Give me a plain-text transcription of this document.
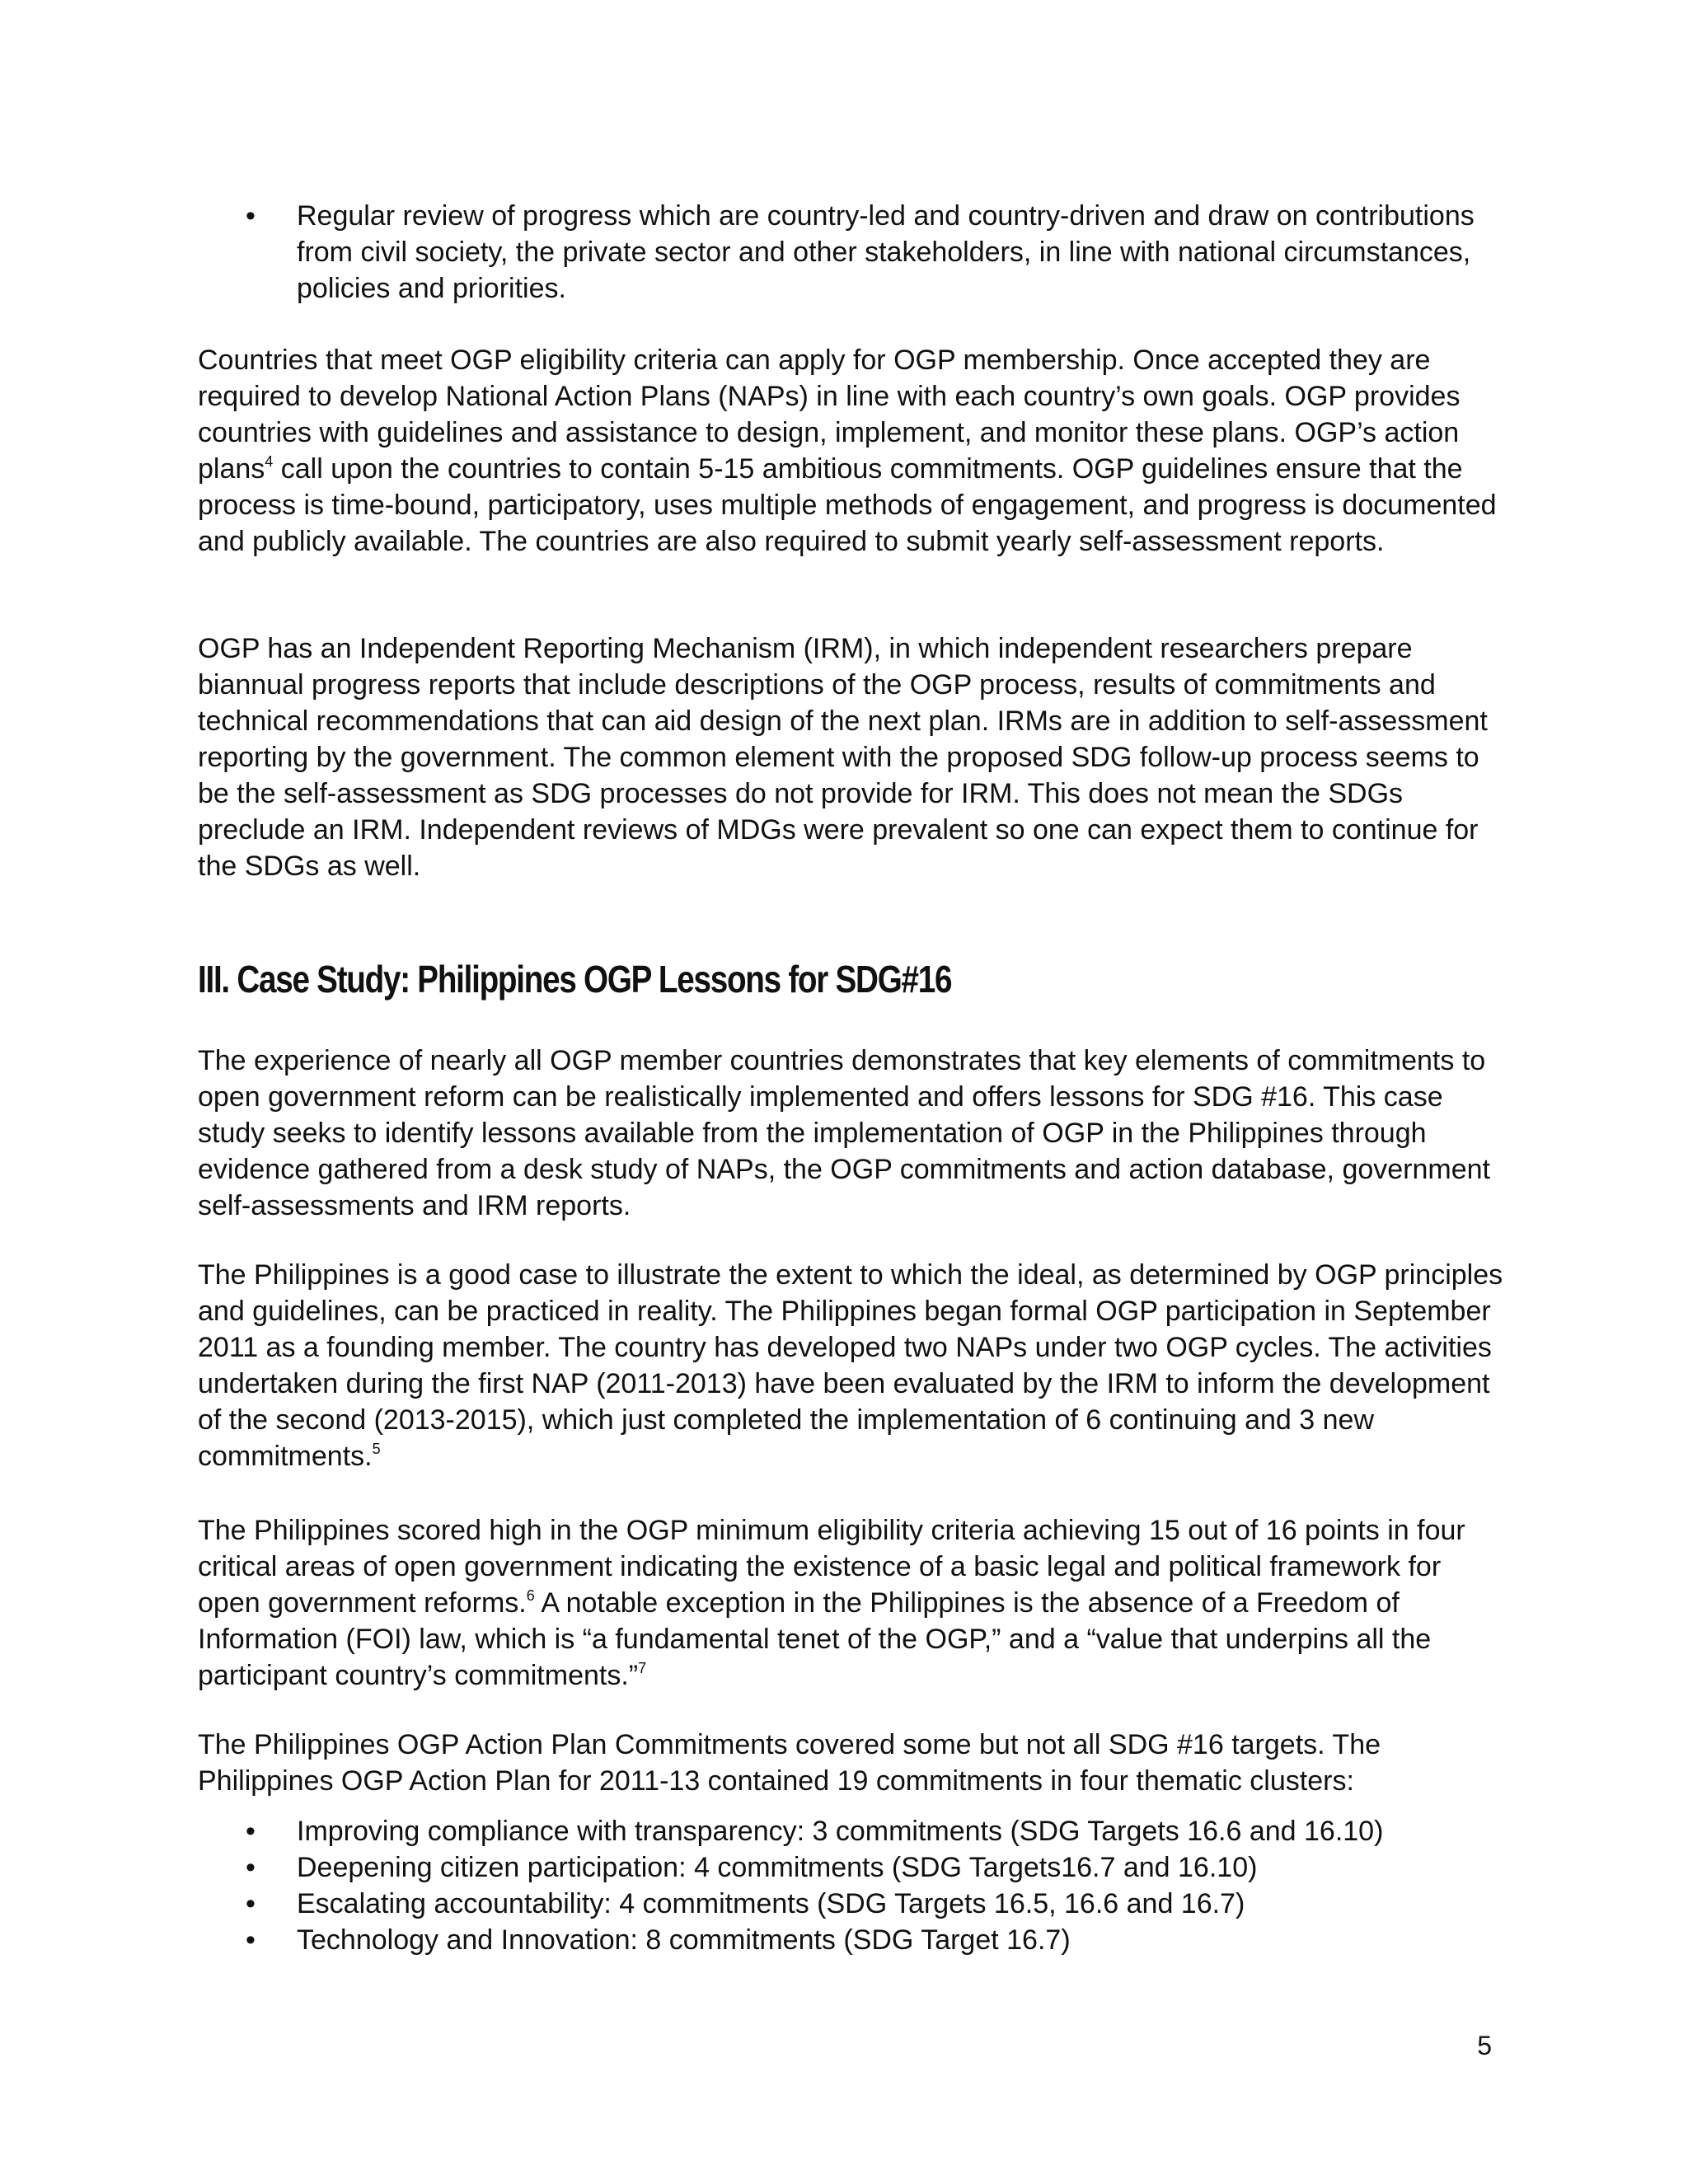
• Regular review of progress which are country-led and country-driven and draw on contributions from civil society, the private sector and other stakeholders, in line with national circumstances, policies and priorities.

Countries that meet OGP eligibility criteria can apply for OGP membership. Once accepted they are required to develop National Action Plans (NAPs) in line with each country’s own goals. OGP provides countries with guidelines and assistance to design, implement, and monitor these plans. OGP’s action plans$^4$ call upon the countries to contain 5-15 ambitious commitments. OGP guidelines ensure that the process is time-bound, participatory, uses multiple methods of engagement, and progress is documented and publicly available. The countries are also required to submit yearly self-assessment reports.

OGP has an Independent Reporting Mechanism (IRM), in which independent researchers prepare biannual progress reports that include descriptions of the OGP process, results of commitments and technical recommendations that can aid design of the next plan. IRMs are in addition to self-assessment reporting by the government. The common element with the proposed SDG follow-up process seems to be the self-assessment as SDG processes do not provide for IRM. This does not mean the SDGs preclude an IRM. Independent reviews of MDGs were prevalent so one can expect them to continue for the SDGs as well.

III. Case Study: Philippines OGP Lessons for SDG#16

The experience of nearly all OGP member countries demonstrates that key elements of commitments to open government reform can be realistically implemented and offers lessons for SDG #16. This case study seeks to identify lessons available from the implementation of OGP in the Philippines through evidence gathered from a desk study of NAPs, the OGP commitments and action database, government self-assessments and IRM reports.

The Philippines is a good case to illustrate the extent to which the ideal, as determined by OGP principles and guidelines, can be practiced in reality. The Philippines began formal OGP participation in September 2011 as a founding member. The country has developed two NAPs under two OGP cycles. The activities undertaken during the first NAP (2011-2013) have been evaluated by the IRM to inform the development of the second (2013-2015), which just completed the implementation of 6 continuing and 3 new commitments.$^5$

The Philippines scored high in the OGP minimum eligibility criteria achieving 15 out of 16 points in four critical areas of open government indicating the existence of a basic legal and political framework for open government reforms.$^6$ A notable exception in the Philippines is the absence of a Freedom of Information (FOI) law, which is “a fundamental tenet of the OGP,” and a “value that underpins all the participant country’s commitments.”$^7$

The Philippines OGP Action Plan Commitments covered some but not all SDG #16 targets. The Philippines OGP Action Plan for 2011-13 contained 19 commitments in four thematic clusters:

• Improving compliance with transparency: 3 commitments (SDG Targets 16.6 and 16.10)
• Deepening citizen participation: 4 commitments (SDG Targets16.7 and 16.10)
• Escalating accountability: 4 commitments (SDG Targets 16.5, 16.6 and 16.7)
• Technology and Innovation: 8 commitments (SDG Target 16.7)
5
